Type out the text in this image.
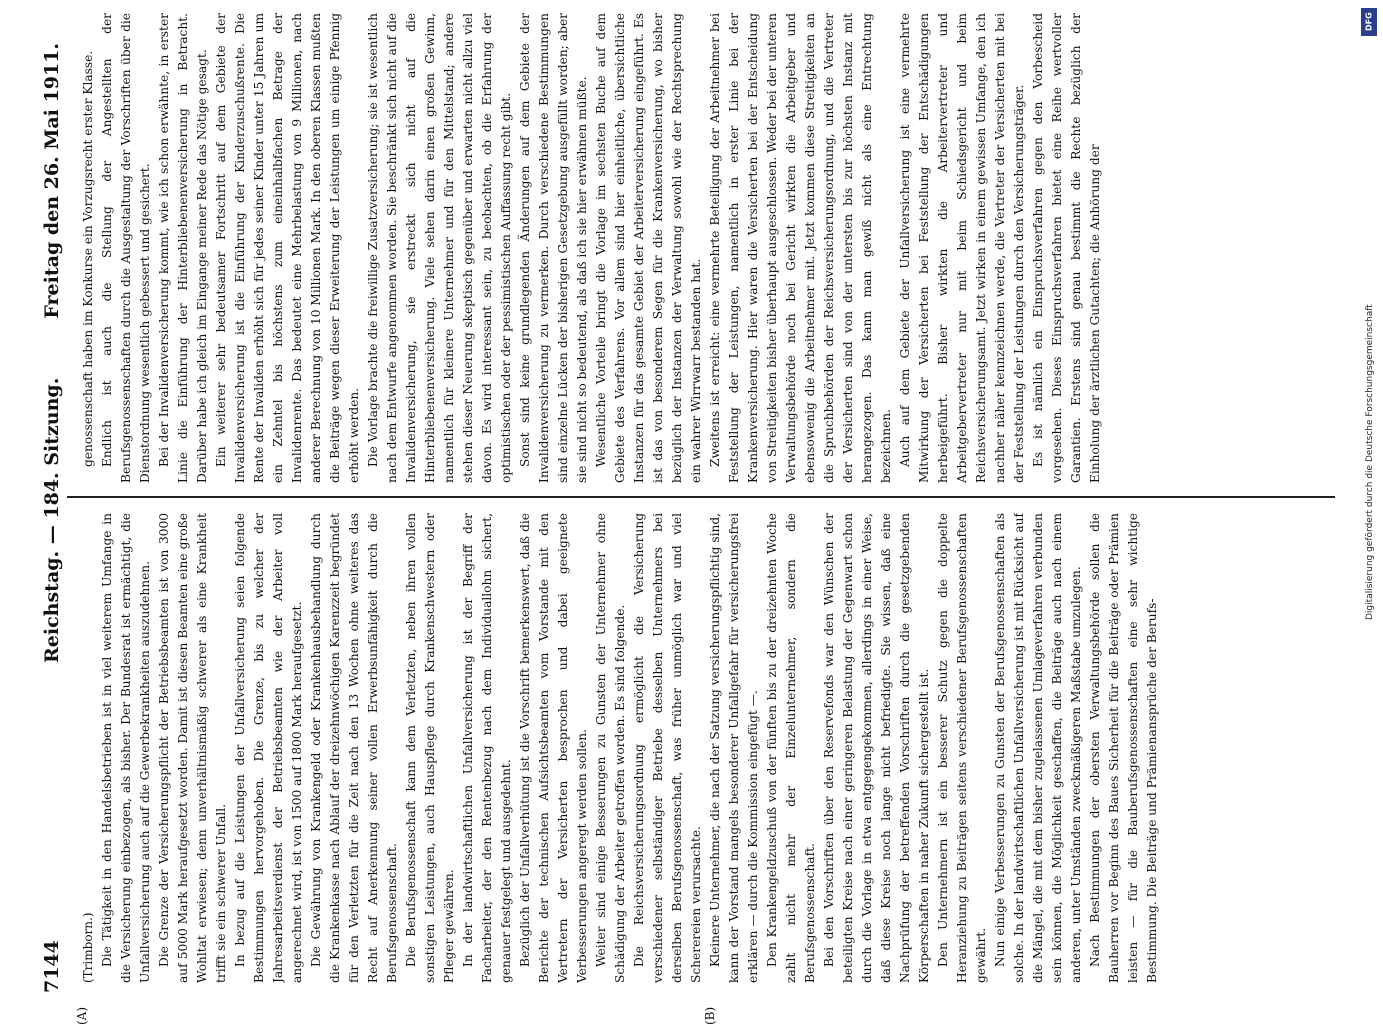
7144
Reichstag. — 184. Sitzung.
Freitag den 26. Mai 1911.
(A)	(B)
(Trimborn.) Die Tätigkeit in den Handelsbetrieben ist in viel weiterem Umfange in die Versicherung einbezogen, als bisher. Der Bundesrat ist ermächtigt, die Unfallversicherung auch auf die Gewerbekrankheiten auszudehnen. Die Grenze der Versicherungspflicht der Betriebsbeamten ist von 3000 auf 5000 Mark heraufgesetzt worden. Damit ist diesen Beamten eine große Wohltat erwiesen; denn unverhältnismäßig schwerer als eine Krankheit trifft sie ein schwerer Unfall. In bezug auf die Leistungen der Unfallversicherung seien folgende Bestimmungen hervorgehoben. Die Grenze, bis zu welcher der Jahresarbeitsverdienst der Betriebsbeamten wie der Arbeiter voll angerechnet wird, ist von 1500 auf 1800 Mark heraufgesetzt. Die Gewährung von Krankengeld oder Krankenhausbehandlung durch die Krankenkasse nach Ablauf der dreizehnwöchigen Karenzzeit begründet für den Verletzten für die Zeit nach den 13 Wochen ohne weiteres das Recht auf Anerkennung seiner vollen Erwerbsunfähigkeit durch die Berufsgenossenschaft. Die Berufsgenossenschaft kann dem Verletzten, neben ihren vollen sonstigen Leistungen, auch Hauspflege durch Krankenschwestern oder Pfleger gewähren. In der landwirtschaftlichen Unfallversicherung ist der Begriff der Facharbeiter, der den Rentenbezug nach dem Individuallohn sichert, genauer festgelegt und ausgedehnt. Bezüglich der Unfallverhütung ist die Vorschrift bemerkenswert, daß die Berichte der technischen Aufsichtsbeamten vom Vorstande mit den Vertretern der Versicherten besprochen und dabei geeignete Verbesserungen angeregt werden sollen. Weiter sind einige Besserungen zu Gunsten der Unternehmer ohne Schädigung der Arbeiter getroffen worden. Es sind folgende. Die Reichsversicherungsordnung ermöglicht die Versicherung verschiedener selbständiger Betriebe desselben Unternehmers bei derselben Berufsgenossenschaft, was früher unmöglich war und viel Scherereien verursachte. Kleinere Unternehmer, die nach der Satzung versicherungspflichtig sind, kann der Vorstand mangels besonderer Unfallgefahr für versicherungsfrei erklären — durch die Kommission eingefügt —. Den Krankengeldzuschuß von der fünften bis zu der dreizehnten Woche zahlt nicht mehr der Einzelunternehmer, sondern die Berufsgenossenschaft. Bei den Vorschriften über den Reservefonds war den Wünschen der beteiligten Kreise nach einer geringeren Belastung der Gegenwart schon durch die Vorlage in etwa entgegengekommen, allerdings in einer Weise, daß diese Kreise noch lange nicht befriedigte. Sie wissen, daß eine Nachprüfung der betreffenden Vorschriften durch die gesetzgebenden Körperschaften in naher Zukunft sichergestellt ist. Den Unternehmern ist ein besserer Schutz gegen die doppelte Heranziehung zu Beiträgen seitens verschiedener Berufsgenossenschaften gewährt. Nun einige Verbesserungen zu Gunsten der Berufsgenossenschaften als solche. In der landwirtschaftlichen Unfallversicherung ist mit Rücksicht auf die Mängel, die mit dem bisher zugelassenen Umlageverfahren verbunden sein können, die Möglichkeit geschaffen, die Beiträge auch nach einem anderen, unter Umständen zweckmäßigeren Maßstabe umzulegen. Nach Bestimmungen der obersten Verwaltungsbehörde sollen die Bauherren vor Beginn des Baues Sicherheit für die Beiträge oder Prämien leisten — für die Bauberufsgenossenschaften eine sehr wichtige Bestimmung. Die Beiträge und Prämienansprüche der Berufs-

genossenschaft haben im Konkurse ein Vorzugsrecht erster Klasse. Endlich ist auch die Stellung der Angestellten der Berufsgenossenschaften durch die Ausgestaltung der Vorschriften über die Dienstordnung wesentlich gebessert und gesichert. Bei der Invalidenversicherung kommt, wie ich schon erwähnte, in erster Linie die Einführung der Hinterbliebenenversicherung in Betracht. Darüber habe ich gleich im Eingange meiner Rede das Nötige gesagt. Ein weiterer sehr bedeutsamer Fortschritt auf dem Gebiete der Invalidenversicherung ist die Einführung der Kinderzuschußrente. Die Rente der Invaliden erhöht sich für jedes seiner Kinder unter 15 Jahren um ein Zehntel bis höchstens zum eineinhalbfachen Betrage der Invalidenrente. Das bedeutet eine Mehrbelastung von 9 Millionen, nach anderer Berechnung von 10 Millionen Mark. In den oberen Klassen mußten die Beiträge wegen dieser Erweiterung der Leistungen um einige Pfennig erhöht werden. Die Vorlage brachte die freiwillige Zusatzversicherung; sie ist wesentlich nach dem Entwurfe angenommen worden. Sie beschränkt sich nicht auf die Invalidenversicherung, sie erstreckt sich nicht auf die Hinterbliebenenversicherung. Viele sehen darin einen großen Gewinn, namentlich für kleinere Unternehmer und für den Mittelstand; andere stehen dieser Neuerung skeptisch gegenüber und erwarten nicht allzu viel davon. Es wird interessant sein, zu beobachten, ob die Erfahrung der optimistischen oder der pessimistischen Auffassung recht gibt. Sonst sind keine grundlegenden Änderungen auf dem Gebiete der Invalidenversicherung zu vermerken. Durch verschiedene Bestimmungen sind einzelne Lücken der bisherigen Gesetzgebung ausgefüllt worden; aber sie sind nicht so bedeutend, als daß ich sie hier erwähnen müßte. Wesentliche Vorteile bringt die Vorlage im sechsten Buche auf dem Gebiete des Verfahrens. Vor allem sind hier einheitliche, übersichtliche Instanzen für das gesamte Gebiet der Arbeiterversicherung eingeführt. Es ist das von besonderem Segen für die Krankenversicherung, wo bisher bezüglich der Instanzen der Verwaltung sowohl wie der Rechtsprechung ein wahrer Wirrwarr bestanden hat. Zweitens ist erreicht: eine vermehrte Beteiligung der Arbeitnehmer bei Feststellung der Leistungen, namentlich in erster Linie bei der Krankenversicherung. Hier waren die Versicherten bei der Entscheidung von Streitigkeiten bisher überhaupt ausgeschlossen. Weder bei der unteren Verwaltungsbehörde noch bei Gericht wirkten die Arbeitgeber und ebensowenig die Arbeitnehmer mit. Jetzt kommen diese Streitigkeiten an die Spruchbehörden der Reichsversicherungsordnung, und die Vertreter der Versicherten sind von der untersten bis zur höchsten Instanz mit herangezogen. Das kann man gewiß nicht als eine Entrechtung bezeichnen. Auch auf dem Gebiete der Unfallversicherung ist eine vermehrte Mitwirkung der Versicherten bei Feststellung der Entschädigungen herbeigeführt. Bisher wirkten die Arbeitervertreter und Arbeitgebervertreter nur mit beim Schiedsgericht und beim Reichsversicherungsamt. Jetzt wirken in einem gewissen Umfange, den ich nachher näher kennzeichnen werde, die Vertreter der Versicherten mit bei der Feststellung der Leistungen durch den Versicherungsträger. Es ist nämlich ein Einspruchsverfahren gegen den Vorbescheid vorgesehen. Dieses Einspruchsverfahren bietet eine Reihe wertvoller Garantien. Erstens sind genau bestimmt die Rechte bezüglich der Einholung der ärztlichen Gutachten; die Anhörung der

DFG
Digitalisierung gefördert durch die Deutsche Forschungsgemeinschaft
